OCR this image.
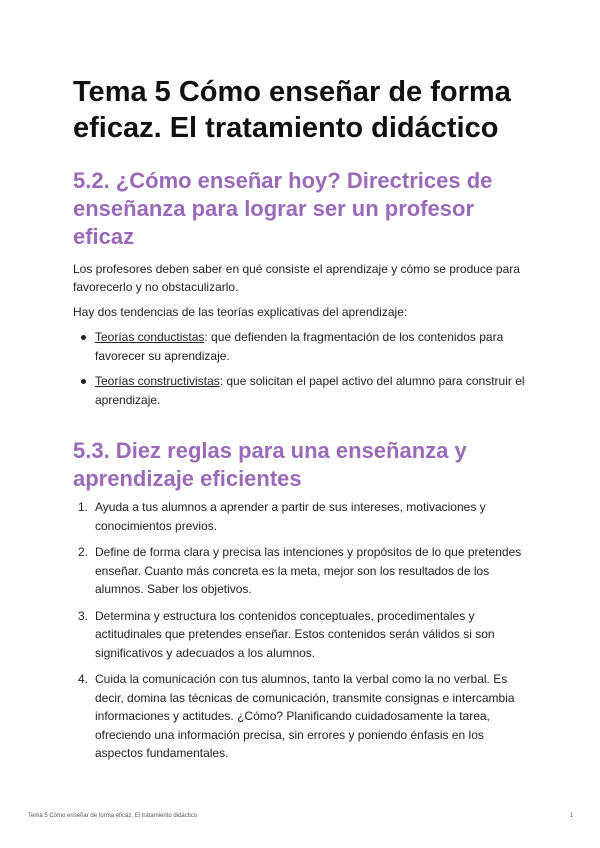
Tema 5 Cómo enseñar de forma eficaz. El tratamiento didáctico
5.2. ¿Cómo enseñar hoy? Directrices de enseñanza para lograr ser un profesor eficaz

Los profesores deben saber en qué consiste el aprendizaje y cómo se produce para favorecerlo y no obstaculizarlo.

Hay dos tendencias de las teorías explicativas del aprendizaje:

Teorías conductistas: que defienden la fragmentación de los contenidos para favorecer su aprendizaje.
Teorías constructivistas: que solicitan el papel activo del alumno para construir el aprendizaje.
5.3. Diez reglas para una enseñanza y aprendizaje eficientes
1. Ayuda a tus alumnos a aprender a partir de sus intereses, motivaciones y conocimientos previos.
2. Define de forma clara y precisa las intenciones y propósitos de lo que pretendes enseñar. Cuanto más concreta es la meta, mejor son los resultados de los alumnos. Saber los objetivos.
3. Determina y estructura los contenidos conceptuales, procedimentales y actitudinales que pretendes enseñar. Estos contenidos serán válidos si son significativos y adecuados a los alumnos.
4. Cuida la comunicación con tus alumnos, tanto la verbal como la no verbal. Es decir, domina las técnicas de comunicación, transmite consignas e intercambia informaciones y actitudes. ¿Cómo? Planificando cuidadosamente la tarea, ofreciendo una información precisa, sin errores y poniendo énfasis en los aspectos fundamentales.
Tema 5 Cómo enseñar de forma eficaz. El tratamiento didáctico	1
